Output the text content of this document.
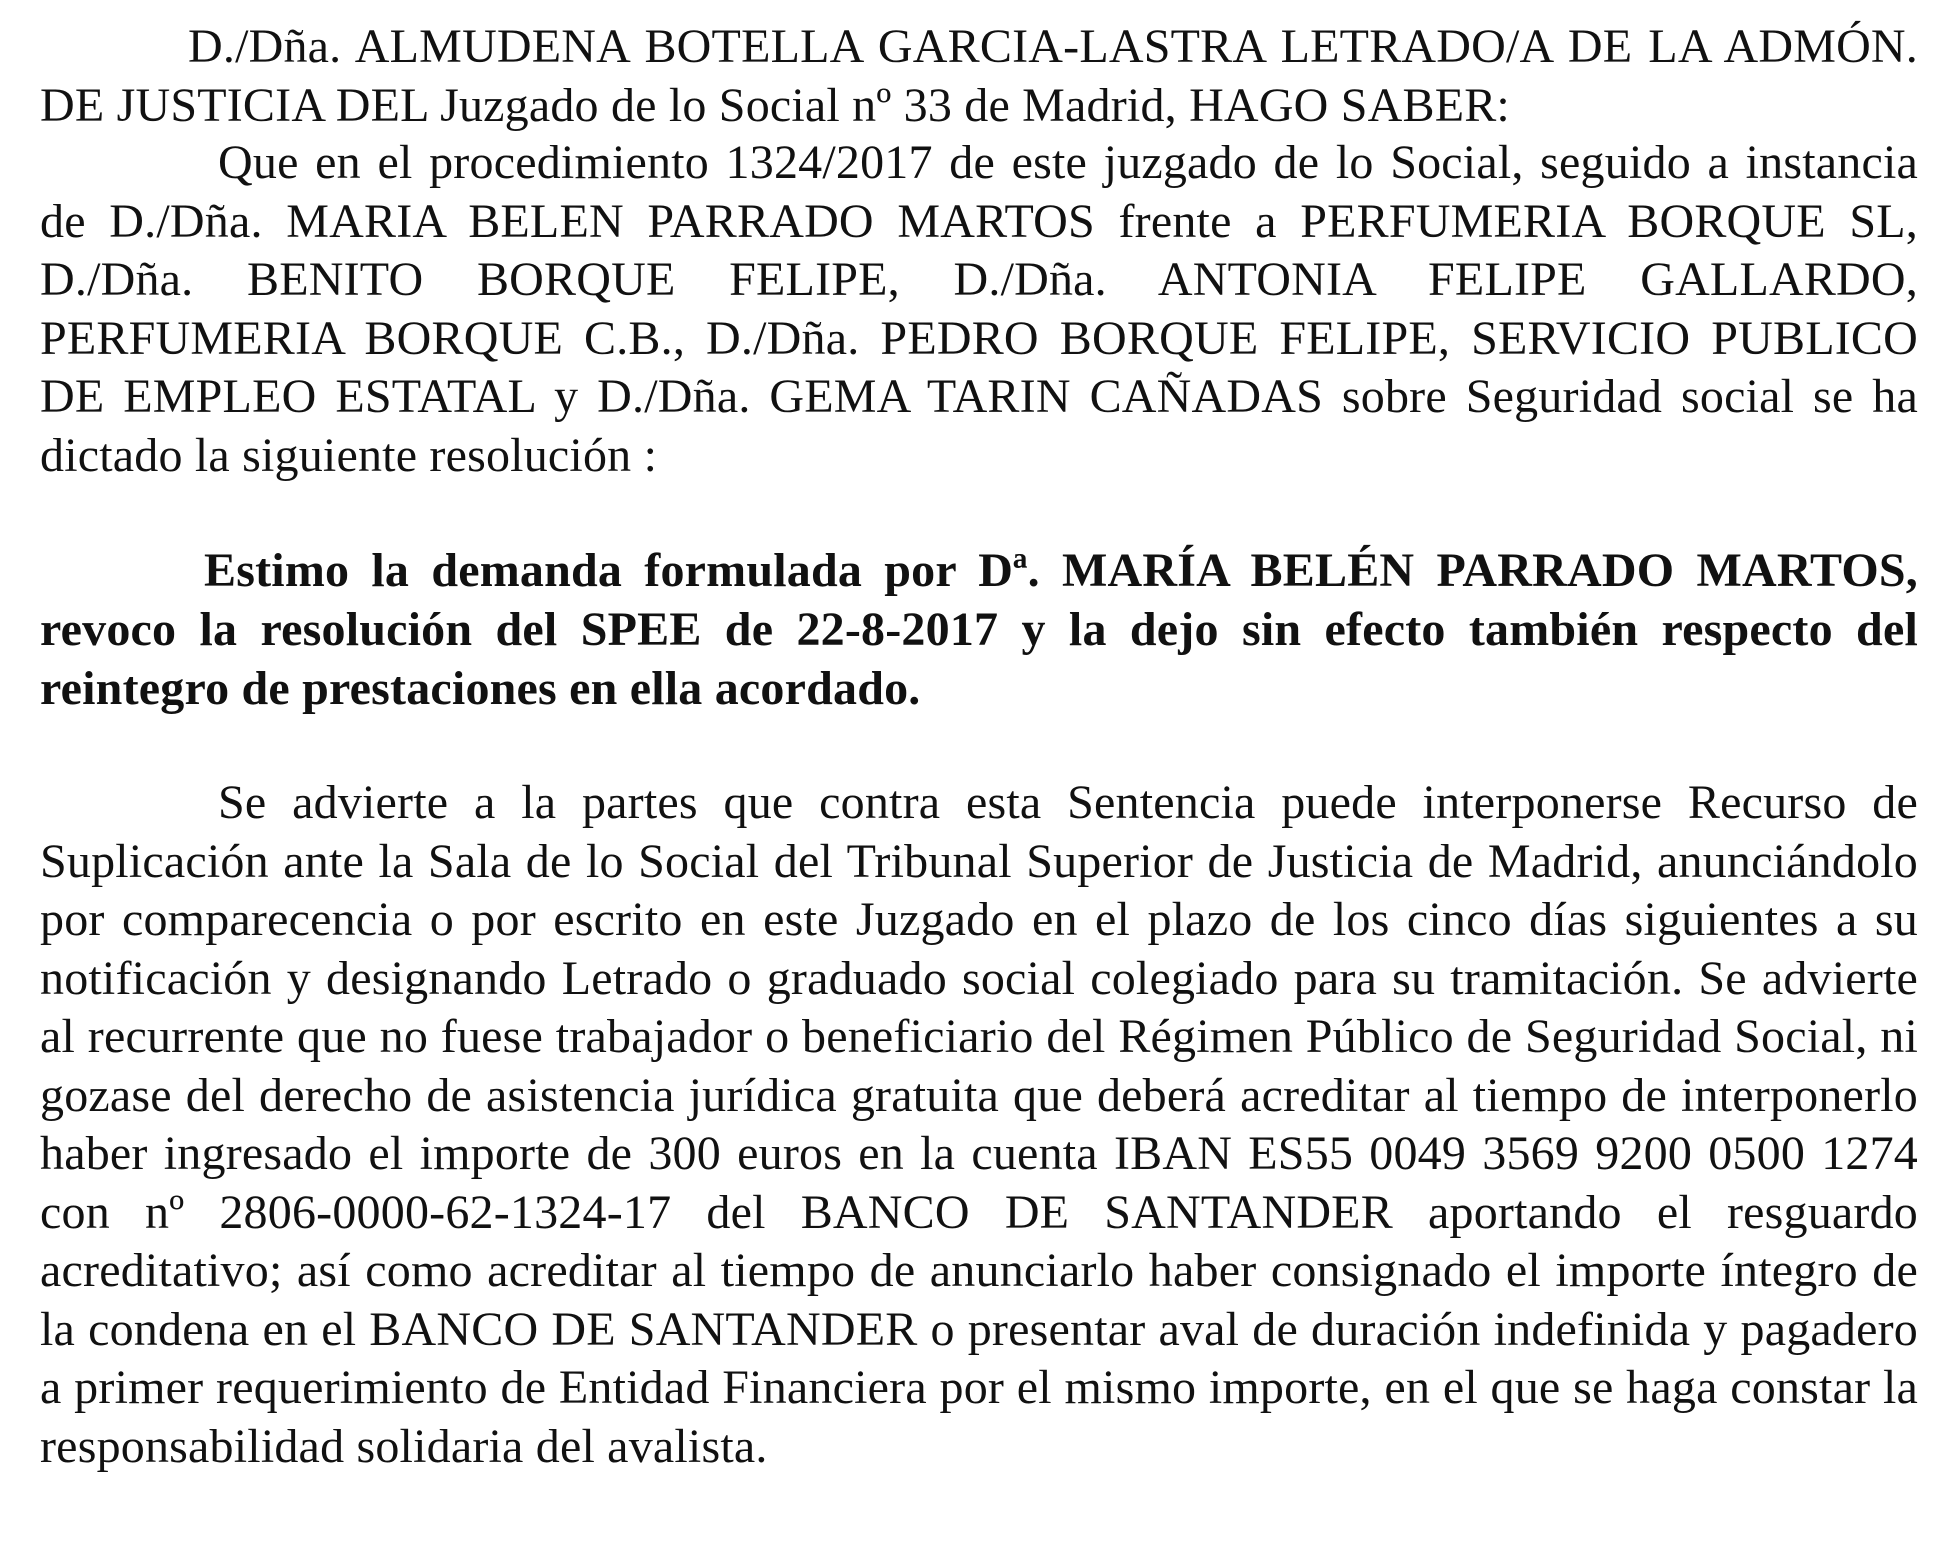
D./Dña. ALMUDENA BOTELLA GARCIA-LASTRA LETRADO/A DE LA ADMÓN. DE JUSTICIA DEL Juzgado de lo Social nº 33 de Madrid, HAGO SABER:

Que en el procedimiento 1324/2017 de este juzgado de lo Social, seguido a instancia de D./Dña. MARIA BELEN PARRADO MARTOS frente a PERFUMERIA BORQUE SL, D./Dña. BENITO BORQUE FELIPE, D./Dña. ANTONIA FELIPE GALLARDO, PERFUMERIA BORQUE C.B., D./Dña. PEDRO BORQUE FELIPE, SERVICIO PUBLICO DE EMPLEO ESTATAL y D./Dña. GEMA TARIN CAÑADAS sobre Seguridad social se ha dictado la siguiente resolución :

Estimo la demanda formulada por Dª. MARÍA BELÉN PARRADO MARTOS, revoco la resolución del SPEE de 22-8-2017 y la dejo sin efecto también respecto del reintegro de prestaciones en ella acordado.

Se advierte a la partes que contra esta Sentencia puede interponerse Recurso de Suplicación ante la Sala de lo Social del Tribunal Superior de Justicia de Madrid, anunciándolo por comparecencia o por escrito en este Juzgado en el plazo de los cinco días siguientes a su notificación y designando Letrado o graduado social colegiado para su tramitación. Se advierte al recurrente que no fuese trabajador o beneficiario del Régimen Público de Seguridad Social, ni gozase del derecho de asistencia jurídica gratuita que deberá acreditar al tiempo de interponerlo haber ingresado el importe de 300 euros en la cuenta IBAN ES55 0049 3569 9200 0500 1274 con nº 2806-0000-62-1324-17 del BANCO DE SANTANDER aportando el resguardo acreditativo; así como acreditar al tiempo de anunciarlo haber consignado el importe íntegro de la condena en el BANCO DE SANTANDER o presentar aval de duración indefinida y pagadero a primer requerimiento de Entidad Financiera por el mismo importe, en el que se haga constar la responsabilidad solidaria del avalista.
